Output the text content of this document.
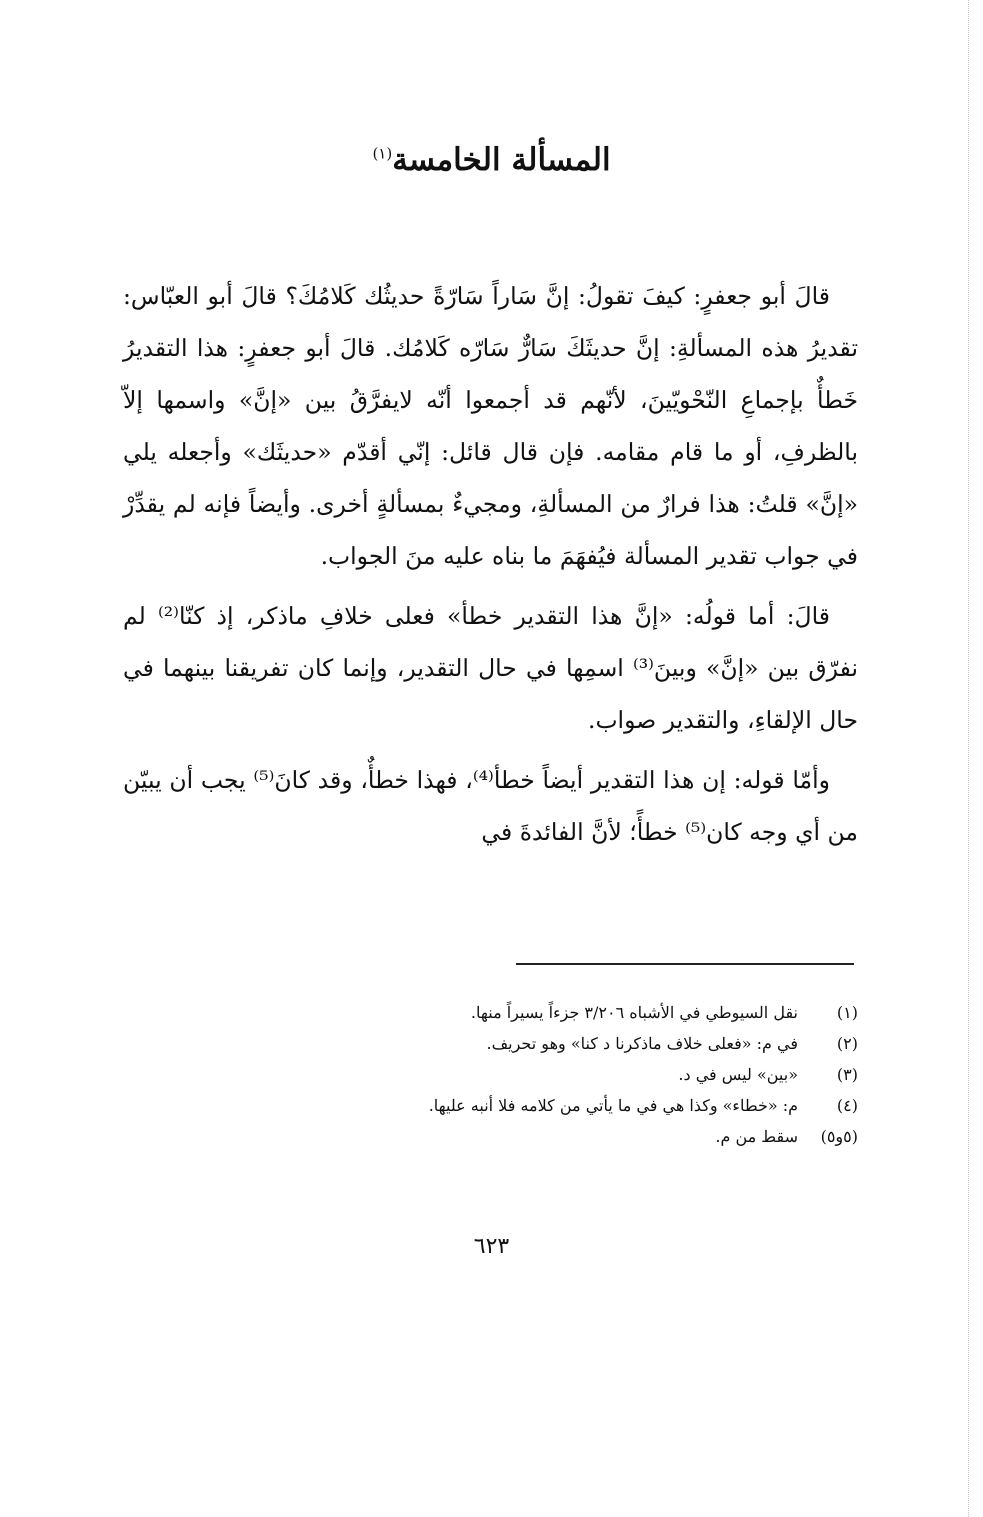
المسألة الخامسة$^{(١)}$

قالَ أبو جعفرٍ: كيفَ تقولُ: إنَّ سَاراً سَارّةً حديثُك كَلامُكَ؟ قالَ أبو العبّاس: تقديرُ هذه المسألةِ: إنَّ حديثَكَ سَارٌّ سَارّه كَلامُك. قالَ أبو جعفرٍ: هذا التقديرُ خَطأٌ بإجماعِ النّحْويّينَ، لأنّهم قد أجمعوا أنّه لايفرَّقُ بين «إنَّ» واسمها إلاّ بالظرفِ، أو ما قام مقامه. فإن قال قائل: إنّي أقدّم «حديثَك» وأجعله يلي «إنَّ» قلتُ: هذا فرارٌ من المسألةِ، ومجيءٌ بمسألةٍ أخرى. وأيضاً فإنه لم يقدِّرْ في جواب تقدير المسألة فيُفهَمَ ما بناه عليه منَ الجواب.

قالَ: أما قولُه: «إنَّ هذا التقدير خطأ» فعلى خلافِ ماذكر، إذ كنّا⁽²⁾ لم نفرّق بين «إنَّ» وبينَ⁽³⁾ اسمِها في حال التقدير، وإنما كان تفريقنا بينهما في حال الإلقاءِ، والتقدير صواب.

وأمّا قوله: إن هذا التقدير أيضاً خطأ⁽⁴⁾، فهذا خطأٌ، وقد كانَ⁽⁵⁾ يجب أن يبيّن من أي وجه كان⁽⁵⁾ خطأً؛ لأنَّ الفائدةَ في

(١)
نقل السيوطي في الأشباه ٣/٢٠٦ جزءاً يسيراً منها.
(٢)
في م: «فعلى خلاف ماذكرنا د كنا» وهو تحريف.
(٣)
«بين» ليس في د.
(٤)
م: «خطاء» وكذا هي في ما يأتي من كلامه فلا أنبه عليها.
(٥و٥)
سقط من م.
٦٢٣
